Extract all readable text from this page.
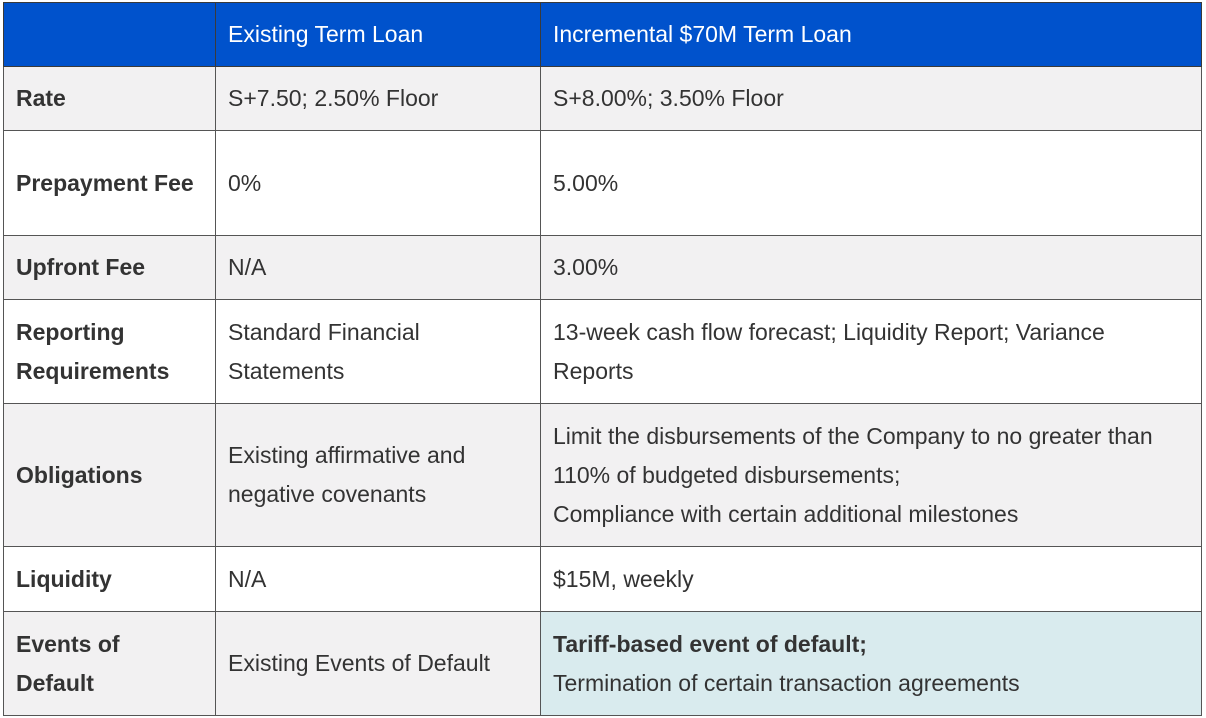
	Existing Term Loan	Incremental $70M Term Loan
Rate	S+7.50; 2.50% Floor	S+8.00%; 3.50% Floor
Prepayment Fee	0%	5.00%
Upfront Fee	N/A	3.00%
Reporting Requirements	Standard Financial Statements	13-week cash flow forecast; Liquidity Report; Variance Reports
Obligations	Existing affirmative and negative covenants	Limit the disbursements of the Company to no greater than 110% of budgeted disbursements;
Compliance with certain additional milestones

Liquidity	N/A	$15M, weekly
Events of Default	Existing Events of Default	Tariff-based event of default;
Termination of certain transaction agreements
